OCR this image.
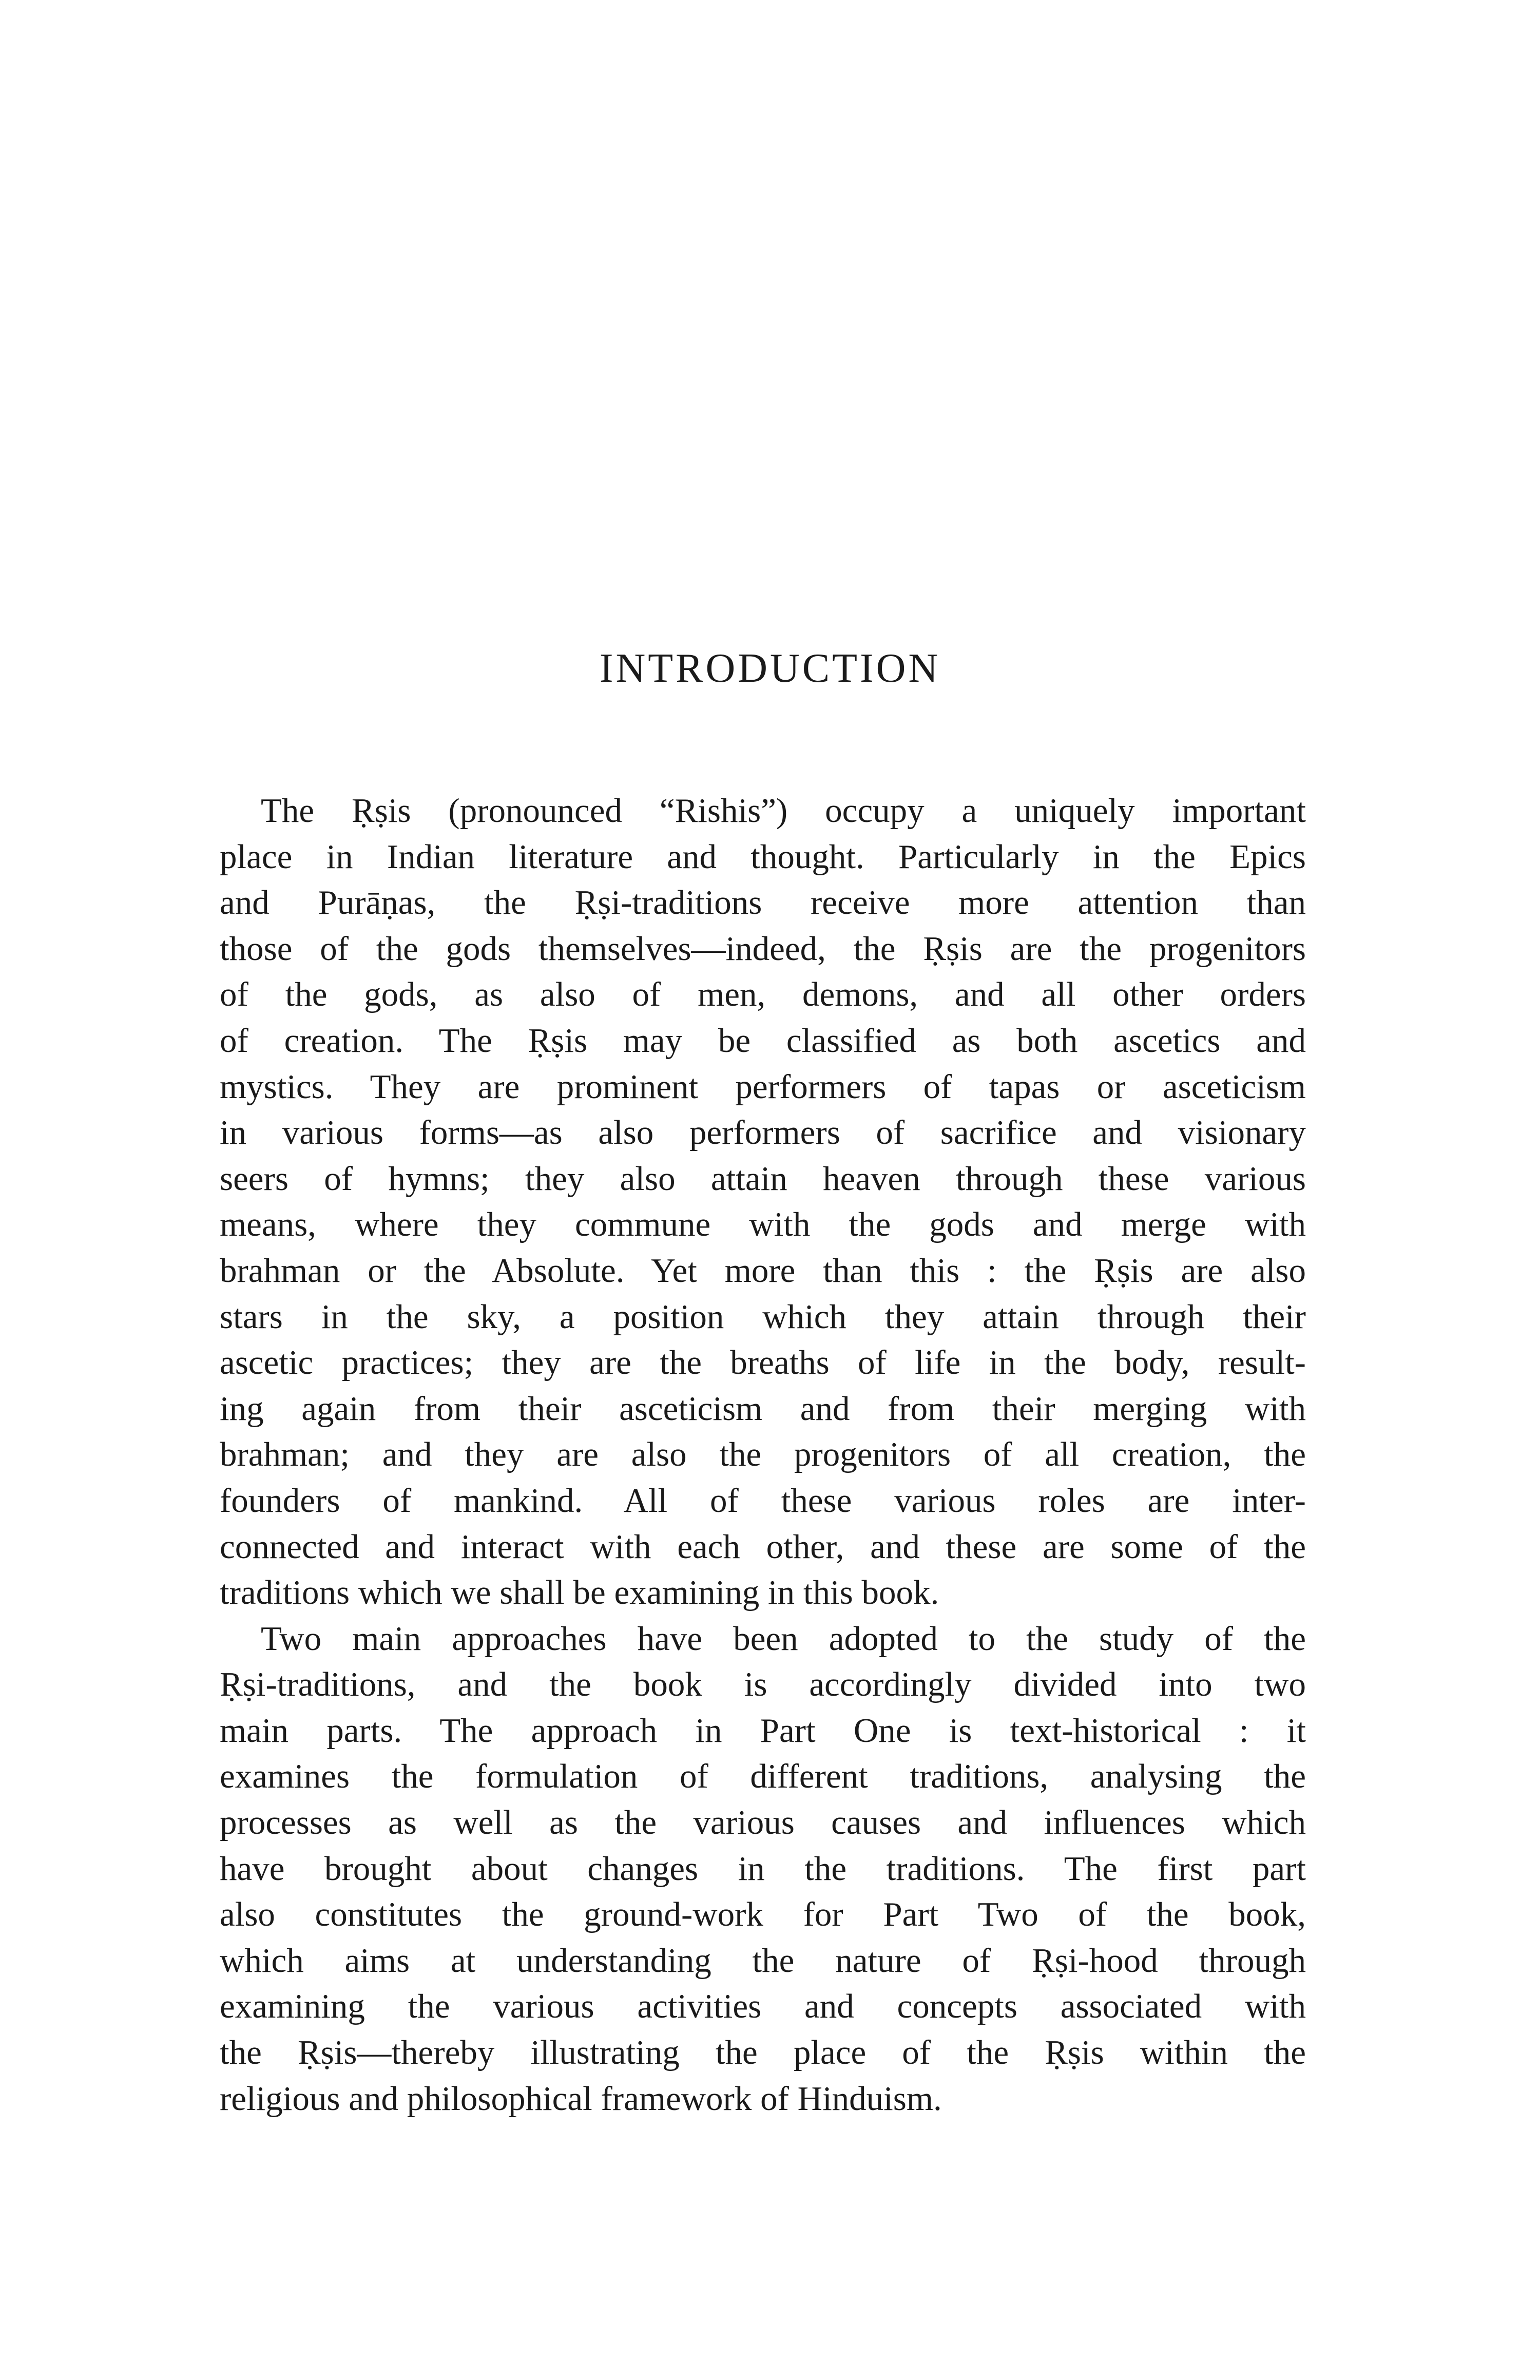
INTRODUCTION
The Ṛṣis (pronounced “Rishis”) occupy a uniquely important
place in Indian literature and thought. Particularly in the Epics
and Purāṇas, the Ṛṣi-traditions receive more attention than
those of the gods themselves—indeed, the Ṛṣis are the progenitors
of the gods, as also of men, demons, and all other orders
of creation. The Ṛṣis may be classified as both ascetics and
mystics. They are prominent performers of tapas or asceticism
in various forms—as also performers of sacrifice and visionary
seers of hymns; they also attain heaven through these various
means, where they commune with the gods and merge with
brahman or the Absolute. Yet more than this : the Ṛṣis are also
stars in the sky, a position which they attain through their
ascetic practices; they are the breaths of life in the body, result-
ing again from their asceticism and from their merging with
brahman; and they are also the progenitors of all creation, the
founders of mankind. All of these various roles are inter-
connected and interact with each other, and these are some of the
traditions which we shall be examining in this book.
Two main approaches have been adopted to the study of the
Ṛṣi-traditions, and the book is accordingly divided into two
main parts. The approach in Part One is text-historical : it
examines the formulation of different traditions, analysing the
processes as well as the various causes and influences which
have brought about changes in the traditions. The first part
also constitutes the ground-work for Part Two of the book,
which aims at understanding the nature of Ṛṣi-hood through
examining the various activities and concepts associated with
the Ṛṣis—thereby illustrating the place of the Ṛṣis within the
religious and philosophical framework of Hinduism.
